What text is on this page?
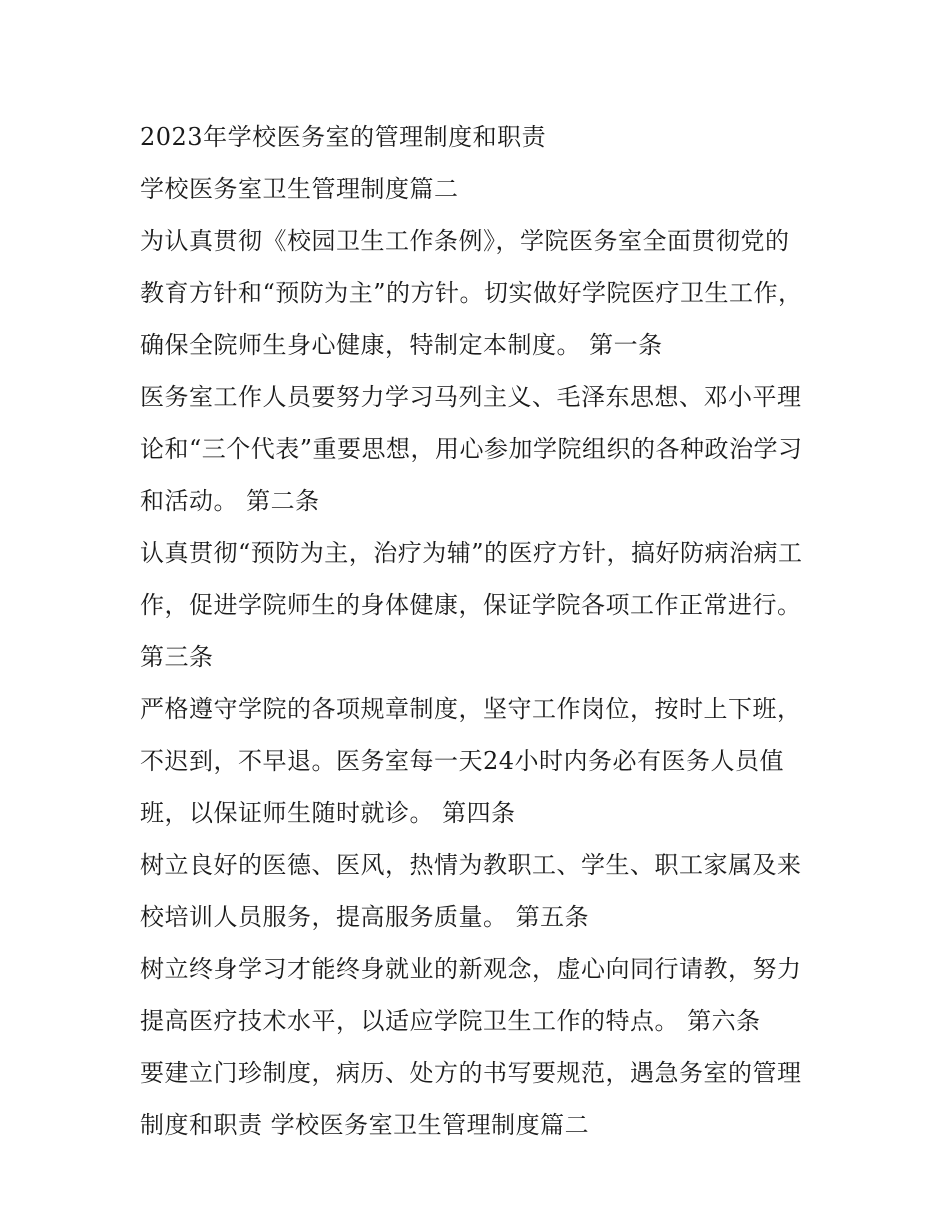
2023年学校医务室的管理制度和职责
学校医务室卫生管理制度篇二
为认真贯彻《校园卫生工作条例》，学院医务室全面贯彻党的
教育方针和“预防为主”的方针。切实做好学院医疗卫生工作，
确保全院师生身心健康，特制定本制度。 第一条
医务室工作人员要努力学习马列主义、毛泽东思想、邓小平理
论和“三个代表”重要思想，用心参加学院组织的各种政治学习
和活动。 第二条
认真贯彻“预防为主，治疗为辅”的医疗方针，搞好防病治病工
作，促进学院师生的身体健康，保证学院各项工作正常进行。
第三条
严格遵守学院的各项规章制度，坚守工作岗位，按时上下班，
不迟到，不早退。医务室每一天24小时内务必有医务人员值
班，以保证师生随时就诊。 第四条
树立良好的医德、医风，热情为教职工、学生、职工家属及来
校培训人员服务，提高服务质量。 第五条
树立终身学习才能终身就业的新观念，虚心向同行请教，努力
提高医疗技术水平，以适应学院卫生工作的特点。 第六条
要建立门珍制度，病历、处方的书写要规范，遇急务室的管理
制度和职责 学校医务室卫生管理制度篇二
